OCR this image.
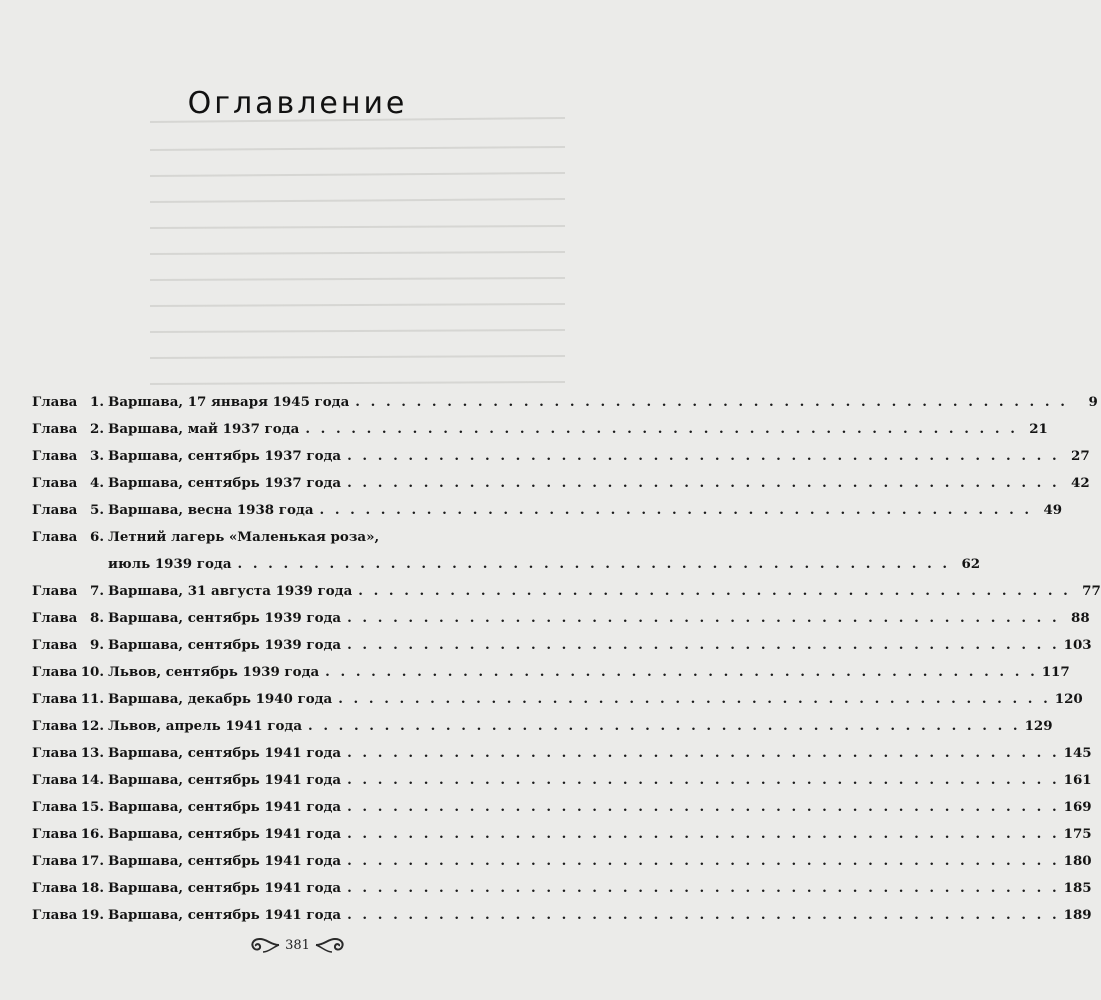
Оглавление
Глава 1. Варшава, 17 января 1945 года . . . . . . . . . . . . . . . . . . . . . . . . . . . . . . . . . . . . . . . . . . . . . . .	9
Глава 2. Варшава, май 1937 года . . . . . . . . . . . . . . . . . . . . . . . . . . . . . . . . . . . . . . . . . . . . . . . 21
Глава 3. Варшава, сентябрь 1937 года . . . . . . . . . . . . . . . . . . . . . . . . . . . . . . . . . . . . . . . . . . . . . . . 27
Глава 4. Варшава, сентябрь 1937 года . . . . . . . . . . . . . . . . . . . . . . . . . . . . . . . . . . . . . . . . . . . . . . . 42
Глава 5. Варшава, весна 1938 года . . . . . . . . . . . . . . . . . . . . . . . . . . . . . . . . . . . . . . . . . . . . . . . 49
Глава 6. Летний лагерь «Маленькая роза»,
июль 1939 года . . . . . . . . . . . . . . . . . . . . . . . . . . . . . . . . . . . . . . . . . . . . . . . 62
Глава 7. Варшава, 31 августа 1939 года . . . . . . . . . . . . . . . . . . . . . . . . . . . . . . . . . . . . . . . . . . . . . . . 77
Глава 8. Варшава, сентябрь 1939 года . . . . . . . . . . . . . . . . . . . . . . . . . . . . . . . . . . . . . . . . . . . . . . . 88
Глава 9. Варшава, сентябрь 1939 года . . . . . . . . . . . . . . . . . . . . . . . . . . . . . . . . . . . . . . . . . . . . . . . 103
Глава 10. Львов, сентябрь 1939 года . . . . . . . . . . . . . . . . . . . . . . . . . . . . . . . . . . . . . . . . . . . . . . . 117
Глава 11. Варшава, декабрь 1940 года . . . . . . . . . . . . . . . . . . . . . . . . . . . . . . . . . . . . . . . . . . . . . . . 120
Глава 12. Львов, апрель 1941 года . . . . . . . . . . . . . . . . . . . . . . . . . . . . . . . . . . . . . . . . . . . . . . . 129
Глава 13. Варшава, сентябрь 1941 года . . . . . . . . . . . . . . . . . . . . . . . . . . . . . . . . . . . . . . . . . . . . . . . 145
Глава 14. Варшава, сентябрь 1941 года . . . . . . . . . . . . . . . . . . . . . . . . . . . . . . . . . . . . . . . . . . . . . . . 161
Глава 15. Варшава, сентябрь 1941 года . . . . . . . . . . . . . . . . . . . . . . . . . . . . . . . . . . . . . . . . . . . . . . . 169
Глава 16. Варшава, сентябрь 1941 года . . . . . . . . . . . . . . . . . . . . . . . . . . . . . . . . . . . . . . . . . . . . . . . 175
Глава 17. Варшава, сентябрь 1941 года . . . . . . . . . . . . . . . . . . . . . . . . . . . . . . . . . . . . . . . . . . . . . . . 180
Глава 18. Варшава, сентябрь 1941 года . . . . . . . . . . . . . . . . . . . . . . . . . . . . . . . . . . . . . . . . . . . . . . . 185
Глава 19. Варшава, сентябрь 1941 года . . . . . . . . . . . . . . . . . . . . . . . . . . . . . . . . . . . . . . . . . . . . . . . 189
381
